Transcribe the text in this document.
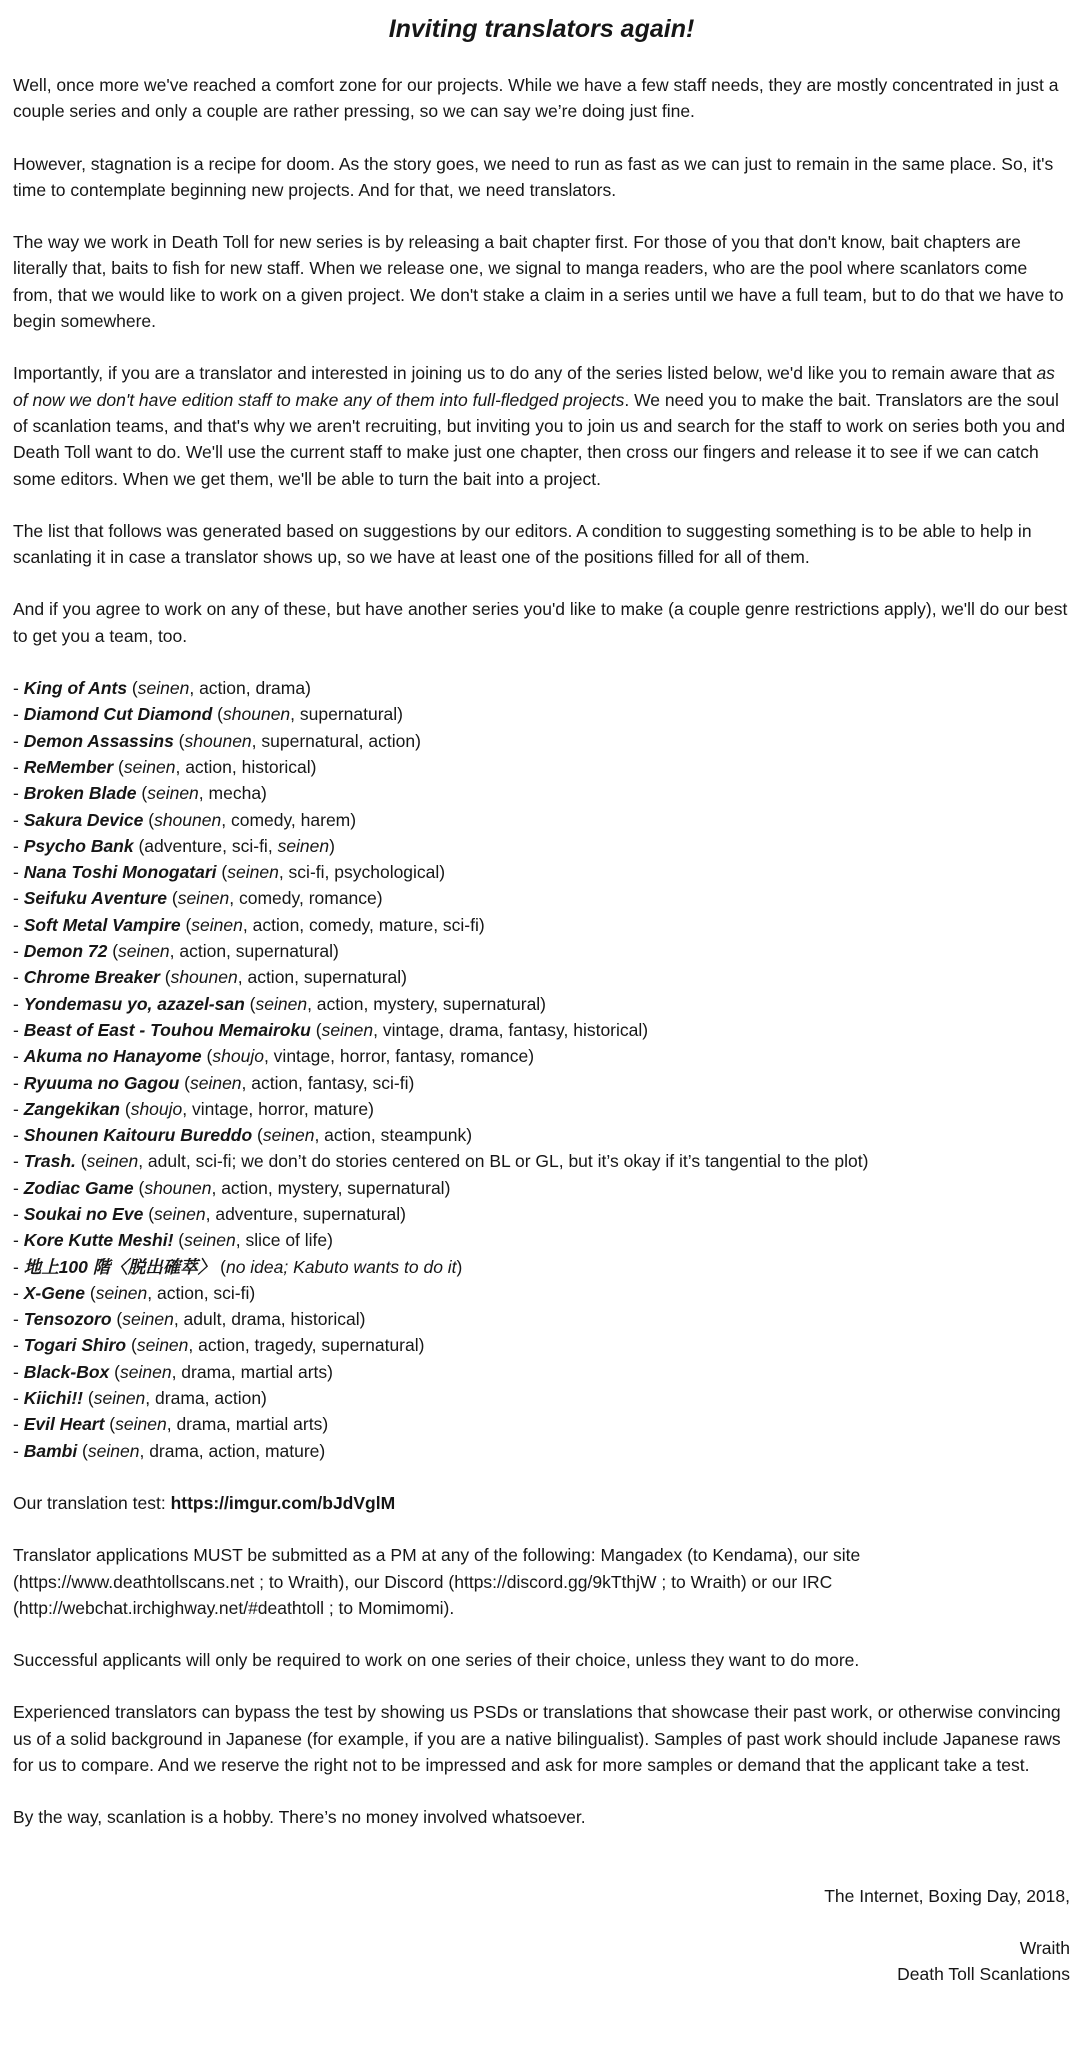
Inviting translators again!

Well, once more we've reached a comfort zone for our projects. While we have a few staff needs, they are mostly concentrated in just a couple series and only a couple are rather pressing, so we can say we’re doing just fine.

However, stagnation is a recipe for doom. As the story goes, we need to run as fast as we can just to remain in the same place. So, it's time to contemplate beginning new projects. And for that, we need translators.

The way we work in Death Toll for new series is by releasing a bait chapter first. For those of you that don't know, bait chapters are literally that, baits to fish for new staff. When we release one, we signal to manga readers, who are the pool where scanlators come from, that we would like to work on a given project. We don't stake a claim in a series until we have a full team, but to do that we have to begin somewhere.

Importantly, if you are a translator and interested in joining us to do any of the series listed below, we'd like you to remain aware that as of now we don't have edition staff to make any of them into full-fledged projects. We need you to make the bait. Translators are the soul of scanlation teams, and that's why we aren't recruiting, but inviting you to join us and search for the staff to work on series both you and Death Toll want to do. We'll use the current staff to make just one chapter, then cross our fingers and release it to see if we can catch some editors. When we get them, we'll be able to turn the bait into a project.

The list that follows was generated based on suggestions by our editors. A condition to suggesting something is to be able to help in scanlating it in case a translator shows up, so we have at least one of the positions filled for all of them.

And if you agree to work on any of these, but have another series you'd like to make (a couple genre restrictions apply), we'll do our best to get you a team, too.

- King of Ants (seinen, action, drama)
- Diamond Cut Diamond (shounen, supernatural)
- Demon Assassins (shounen, supernatural, action)
- ReMember (seinen, action, historical)
- Broken Blade (seinen, mecha)
- Sakura Device (shounen, comedy, harem)
- Psycho Bank (adventure, sci-fi, seinen)
- Nana Toshi Monogatari (seinen, sci-fi, psychological)
- Seifuku Aventure (seinen, comedy, romance)
- Soft Metal Vampire (seinen, action, comedy, mature, sci-fi)
- Demon 72 (seinen, action, supernatural)
- Chrome Breaker (shounen, action, supernatural)
- Yondemasu yo, azazel-san (seinen, action, mystery, supernatural)
- Beast of East - Touhou Memairoku (seinen, vintage, drama, fantasy, historical)
- Akuma no Hanayome (shoujo, vintage, horror, fantasy, romance)
- Ryuuma no Gagou (seinen, action, fantasy, sci-fi)
- Zangekikan (shoujo, vintage, horror, mature)
- Shounen Kaitouru Bureddo (seinen, action, steampunk)
- Trash. (seinen, adult, sci-fi; we don’t do stories centered on BL or GL, but it’s okay if it’s tangential to the plot)
- Zodiac Game (shounen, action, mystery, supernatural)
- Soukai no Eve (seinen, adventure, supernatural)
- Kore Kutte Meshi! (seinen, slice of life)
- 地上100 階〈脱出確萃〉 (no idea; Kabuto wants to do it)
- X-Gene (seinen, action, sci-fi)
- Tensozoro (seinen, adult, drama, historical)
- Togari Shiro (seinen, action, tragedy, supernatural)
- Black-Box (seinen, drama, martial arts)
- Kiichi!! (seinen, drama, action)
- Evil Heart (seinen, drama, martial arts)
- Bambi (seinen, drama, action, mature)

Our translation test: https://imgur.com/bJdVglM

Translator applications MUST be submitted as a PM at any of the following: Mangadex (to Kendama), our site (https://www.deathtollscans.net ; to Wraith), our Discord (https://discord.gg/9kTthjW ; to Wraith) or our IRC (http://webchat.irchighway.net/#deathtoll ; to Momimomi).

Successful applicants will only be required to work on one series of their choice, unless they want to do more.

Experienced translators can bypass the test by showing us PSDs or translations that showcase their past work, or otherwise convincing us of a solid background in Japanese (for example, if you are a native bilingualist). Samples of past work should include Japanese raws for us to compare. And we reserve the right not to be impressed and ask for more samples or demand that the applicant take a test.

By the way, scanlation is a hobby. There’s no money involved whatsoever.

The Internet, Boxing Day, 2018,

Wraith

Death Toll Scanlations
